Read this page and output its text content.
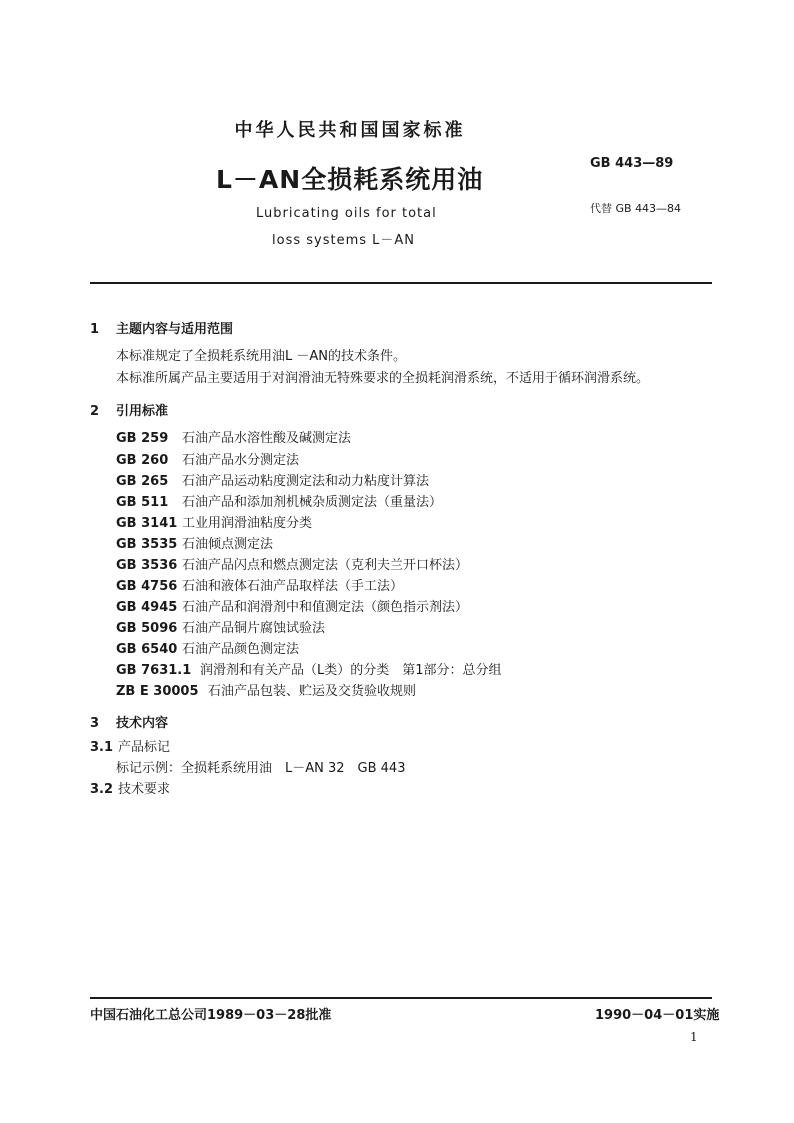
中华人民共和国国家标准
L－AN全损耗系统用油
GB 443—89
代替 GB 443—84
Lubricating oils for total
loss systems L－AN
1 主题内容与适用范围
本标准规定了全损耗系统用油L －AN的技术条件。
本标准所属产品主要适用于对润滑油无特殊要求的全损耗润滑系统，不适用于循环润滑系统。
2 引用标准
GB 259 石油产品水溶性酸及碱测定法
GB 260 石油产品水分测定法
GB 265 石油产品运动粘度测定法和动力粘度计算法
GB 511 石油产品和添加剂机械杂质测定法（重量法）
GB 3141 工业用润滑油粘度分类
GB 3535 石油倾点测定法
GB 3536 石油产品闪点和燃点测定法（克利夫兰开口杯法）
GB 4756 石油和液体石油产品取样法（手工法）
GB 4945 石油产品和润滑剂中和值测定法（颜色指示剂法）
GB 5096 石油产品铜片腐蚀试验法
GB 6540 石油产品颜色测定法
GB 7631.1 润滑剂和有关产品（L类）的分类　第1部分：总分组
ZB E 30005 石油产品包装、贮运及交货验收规则
3 技术内容
3.1 产品标记
标记示例：全损耗系统用油　L－AN 32　GB 443
3.2 技术要求
中国石油化工总公司1989－03－28批准	1990－04－01实施
1
